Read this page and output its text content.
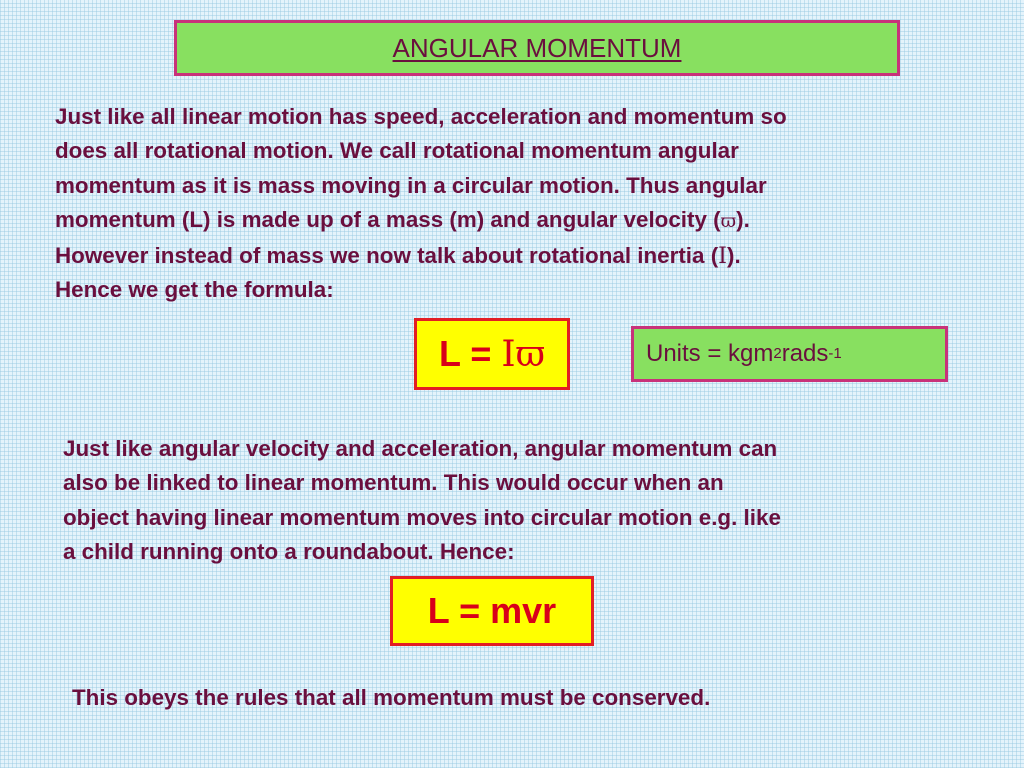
ANGULAR MOMENTUM

Just like all linear motion has speed, acceleration and momentum so
does all rotational motion. We call rotational momentum angular
momentum as it is mass moving in a circular motion. Thus angular
momentum (L) is made up of a mass (m) and angular velocity (ϖ).
However instead of mass we now talk about rotational inertia (I).
Hence we get the formula:

L = Iϖ	Units = kgm 2 rads -1

Just like angular velocity and acceleration, angular momentum can
also be linked to linear momentum. This would occur when an
object having linear momentum moves into circular motion e.g. like
a child running onto a roundabout. Hence:

L = mvr

This obeys the rules that all momentum must be conserved.
